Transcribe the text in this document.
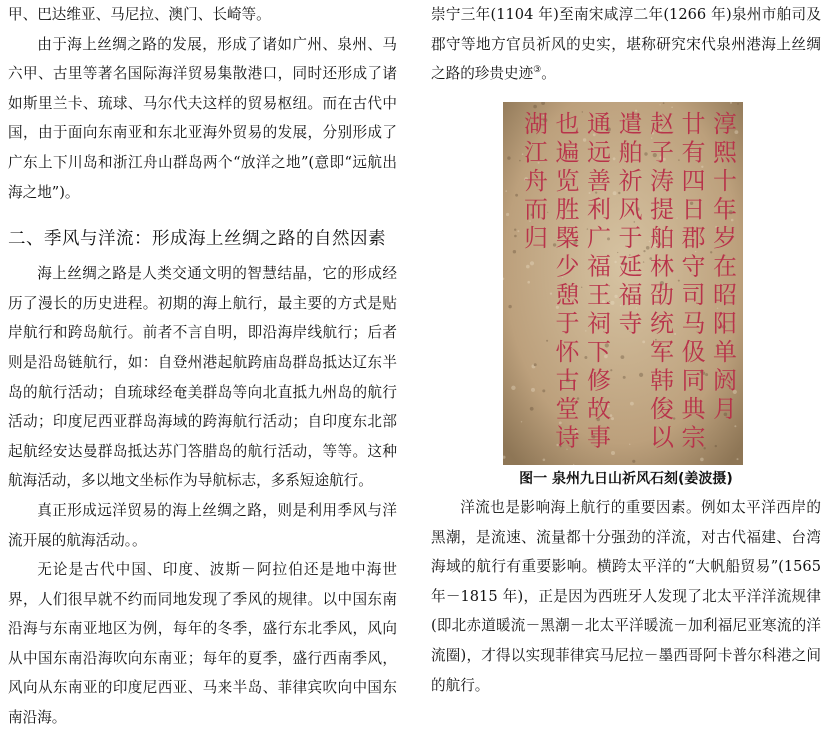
甲、巴达维亚、马尼拉、澳门、长崎等。

由于海上丝绸之路的发展，形成了诸如广州、泉州、马六甲、古里等著名国际海洋贸易集散港口，同时还形成了诸如斯里兰卡、琉球、马尔代夫这样的贸易枢纽。而在古代中国，由于面向东南亚和东北亚海外贸易的发展，分别形成了广东上下川岛和浙江舟山群岛两个“放洋之地”(意即“远航出海之地”)。

二、季风与洋流：形成海上丝绸之路的自然因素

海上丝绸之路是人类交通文明的智慧结晶，它的形成经历了漫长的历史进程。初期的海上航行，最主要的方式是贴岸航行和跨岛航行。前者不言自明，即沿海岸线航行；后者则是沿岛链航行，如：自登州港起航跨庙岛群岛抵达辽东半岛的航行活动；自琉球经奄美群岛等向北直抵九州岛的航行活动；印度尼西亚群岛海域的跨海航行活动；自印度东北部起航经安达曼群岛抵达苏门答腊岛的航行活动，等等。这种航海活动，多以地文坐标作为导航标志，多系短途航行。

真正形成远洋贸易的海上丝绸之路，则是利用季风与洋流开展的航海活动。。

无论是古代中国、印度、波斯－阿拉伯还是地中海世界，人们很早就不约而同地发现了季风的规律。以中国东南沿海与东南亚地区为例，每年的冬季，盛行东北季风，风向从中国东南沿海吹向东南亚；每年的夏季，盛行西南季风，风向从东南亚的印度尼西亚、马来半岛、菲律宾吹向中国东南沿海。

崇宁三年(1104 年)至南宋咸淳二年(1266 年)泉州市舶司及郡守等地方官员祈风的史实，堪称研究宋代泉州港海上丝绸之路的珍贵史迹③。

淳
熙
十
年
岁
在
昭
阳
单
阏
月
廿
有
四
日
郡
守
司
马
伋
同
典
宗
赵
子
涛
提
舶
林
劭
统
军
韩
俊
以
遣
舶
祈
风
于
延
福
寺
通
远
善
利
广
福
王
祠
下
修
故
事
也
遍
览
胜
槩
少
憩
于
怀
古
堂
诗
湖
江
舟
而
归
图一 泉州九日山祈风石刻(姜波摄)

洋流也是影响海上航行的重要因素。例如太平洋西岸的黑潮，是流速、流量都十分强劲的洋流，对古代福建、台湾海域的航行有重要影响。横跨太平洋的“大帆船贸易”(1565 年－1815 年)，正是因为西班牙人发现了北太平洋洋流规律(即北赤道暖流－黑潮－北太平洋暖流－加利福尼亚寒流的洋流圈)，才得以实现菲律宾马尼拉－墨西哥阿卡普尔科港之间的航行。
